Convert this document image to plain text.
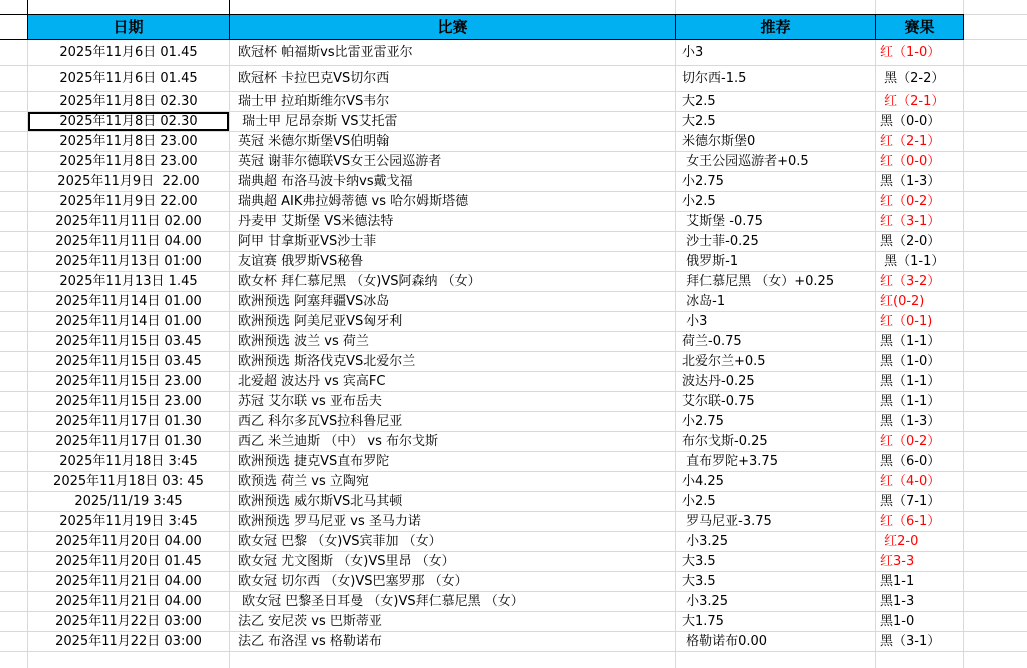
日期	比赛	推荐	赛果
2025年11月6日 01.45	欧冠杯 帕福斯vs比雷亚雷亚尔	小3	红（1-0）
2025年11月6日 01.45	欧冠杯 卡拉巴克VS切尔西	切尔西-1.5	黑（2-2）
2025年11月8日 02.30	瑞士甲 拉珀斯维尔VS韦尔	大2.5	红（2-1）
2025年11月8日 02.30	瑞士甲 尼昂奈斯 VS艾托雷	大2.5	黑（0-0）
2025年11月8日 23.00	英冠 米德尔斯堡VS伯明翰	米德尔斯堡0	红（2-1）
2025年11月8日 23.00	英冠 谢菲尔德联VS女王公园巡游者	女王公园巡游者+0.5	红（0-0）
2025年11月9日  22.00	瑞典超 布洛马波卡纳vs戴戈福	小2.75	黑（1-3）
2025年11月9日 22.00	瑞典超 AIK弗拉姆蒂德 vs 哈尔姆斯塔德	小2.5	红（0-2）
2025年11月11日 02.00	丹麦甲 艾斯堡 VS米德法特	艾斯堡 -0.75	红（3-1）
2025年11月11日 04.00	阿甲 甘拿斯亚VS沙士菲	沙士菲-0.25	黑（2-0）
2025年11月13日 01:00	友谊赛 俄罗斯VS秘鲁	俄罗斯-1	黑（1-1）
2025年11月13日 1.45	欧女杯 拜仁慕尼黑 （女)VS阿森纳 （女）	拜仁慕尼黑 （女）+0.25	红（3-2）
2025年11月14日 01.00	欧洲预选 阿塞拜疆VS冰岛	冰岛-1	红(0-2)
2025年11月14日 01.00	欧洲预选 阿美尼亚VS匈牙利	小3	红（0-1)
2025年11月15日 03.45	欧洲预选 波兰 vs 荷兰	荷兰-0.75	黑（1-1）
2025年11月15日 03.45	欧洲预选 斯洛伐克VS北爱尔兰	北爱尔兰+0.5	黑（1-0）
2025年11月15日 23.00	北爱超 波达丹 vs 宾高FC	波达丹-0.25	黑（1-1）
2025年11月15日 23.00	苏冠 艾尔联 vs 亚布岳夫	艾尔联-0.75	黑（1-1）
2025年11月17日 01.30	西乙 科尔多瓦VS拉科鲁尼亚	小2.75	黑（1-3）
2025年11月17日 01.30	西乙 米兰迪斯 （中） vs 布尔戈斯	布尔戈斯-0.25	红（0-2）
2025年11月18日 3:45	欧洲预选 捷克VS直布罗陀	直布罗陀+3.75	黑（6-0）
2025年11月18日 03: 45	欧预选 荷兰 vs 立陶宛	小4.25	红（4-0）
2025/11/19 3:45	欧洲预选 威尔斯VS北马其顿	小2.5	黑（7-1）
2025年11月19日 3:45	欧洲预选 罗马尼亚 vs 圣马力诺	罗马尼亚-3.75	红（6-1）
2025年11月20日 04.00	欧女冠 巴黎 （女)VS宾菲加 （女）	小3.25	红2-0
2025年11月20日 01.45	欧女冠 尤文图斯 （女)VS里昂 （女）	大3.5	红3-3
2025年11月21日 04.00	欧女冠 切尔西 （女)VS巴塞罗那 （女）	大3.5	黑1-1
2025年11月21日 04.00	欧女冠 巴黎圣日耳曼 （女)VS拜仁慕尼黑 （女）	小3.25	黑1-3
2025年11月22日 03:00	法乙 安尼茨 vs 巴斯蒂亚	大1.75	黑1-0
2025年11月22日 03:00	法乙 布洛涅 vs 格勒诺布	格勒诺布0.00	黑（3-1）
